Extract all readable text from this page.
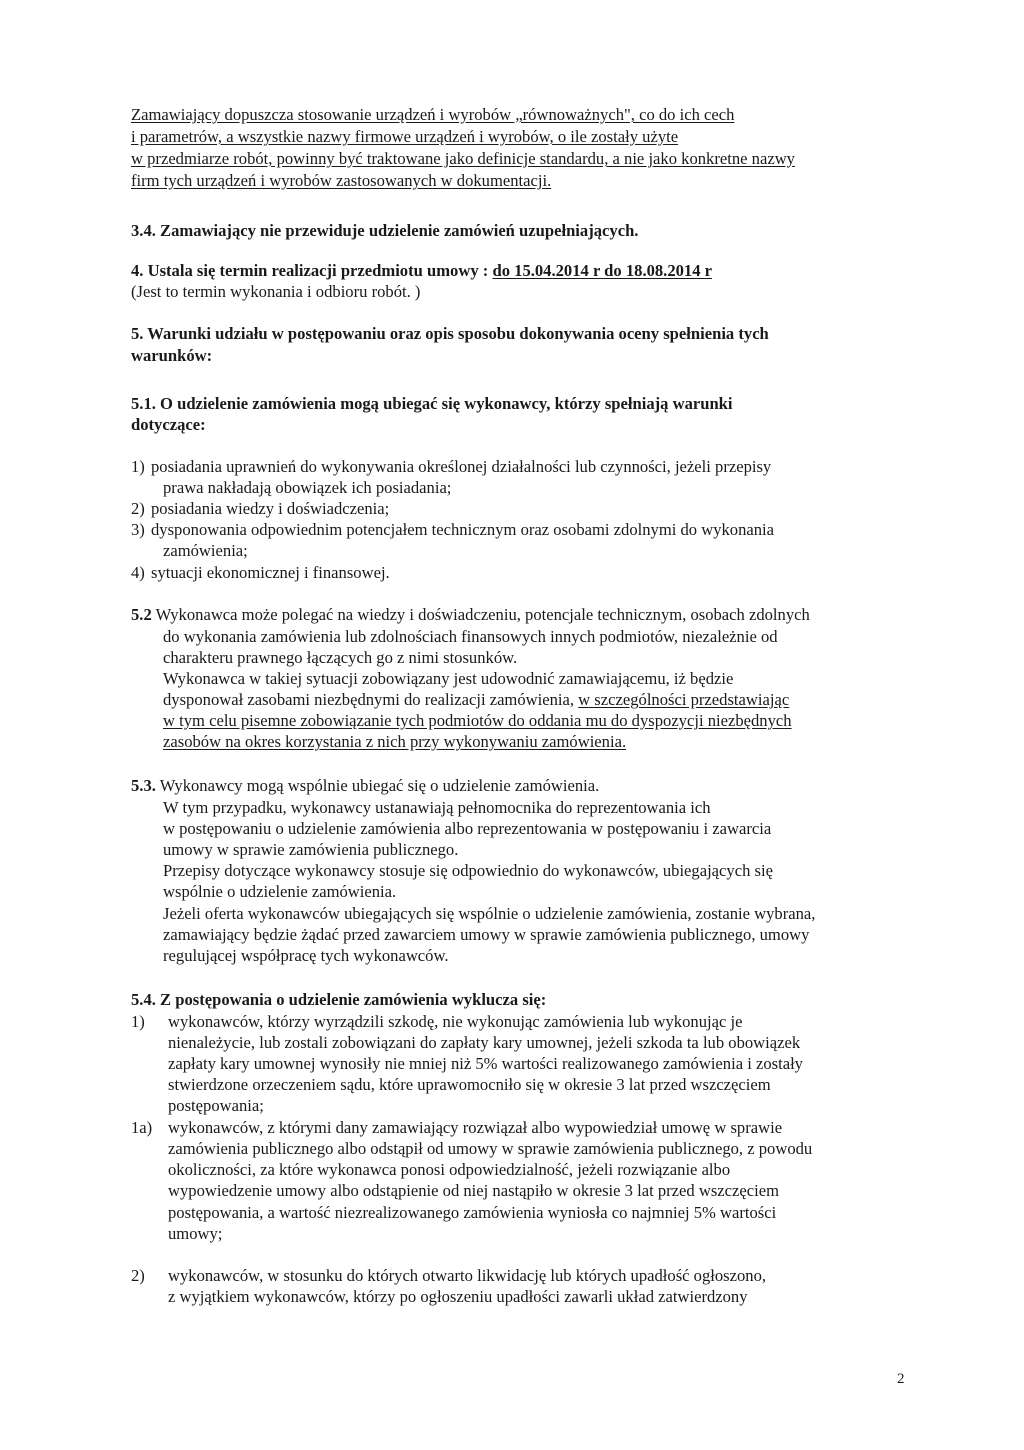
Zamawiający dopuszcza stosowanie urządzeń i wyrobów „równoważnych", co do ich cech

i parametrów, a wszystkie nazwy firmowe urządzeń i wyrobów, o ile zostały użyte

w przedmiarze robót, powinny być traktowane jako definicje standardu, a nie jako konkretne nazwy

firm tych urządzeń i wyrobów zastosowanych w dokumentacji.

3.4. Zamawiający nie przewiduje udzielenie zamówień uzupełniających.

4. Ustala się termin realizacji przedmiotu umowy : do 15.04.2014 r do 18.08.2014 r

(Jest to termin wykonania i odbioru robót. )

5. Warunki udziału w postępowaniu oraz opis sposobu dokonywania oceny spełnienia tych

warunków:

5.1. O udzielenie zamówienia mogą ubiegać się wykonawcy, którzy spełniają warunki

dotyczące:

1) posiadania uprawnień do wykonywania określonej działalności lub czynności, jeżeli przepisy

prawa nakładają obowiązek ich posiadania;

2) posiadania wiedzy i doświadczenia;

3) dysponowania odpowiednim potencjałem technicznym oraz osobami zdolnymi do wykonania

zamówienia;

4) sytuacji ekonomicznej i finansowej.

5.2 Wykonawca może polegać na wiedzy i doświadczeniu, potencjale technicznym, osobach zdolnych

do wykonania zamówienia lub zdolnościach finansowych innych podmiotów, niezależnie od

charakteru prawnego łączących go z nimi stosunków.

Wykonawca w takiej sytuacji zobowiązany jest udowodnić zamawiającemu, iż będzie

dysponował zasobami niezbędnymi do realizacji zamówienia, w szczególności przedstawiając

w tym celu pisemne zobowiązanie tych podmiotów do oddania mu do dyspozycji niezbędnych

zasobów na okres korzystania z nich przy wykonywaniu zamówienia.

5.3. Wykonawcy mogą wspólnie ubiegać się o udzielenie zamówienia.

W tym przypadku, wykonawcy ustanawiają pełnomocnika do reprezentowania ich

w postępowaniu o udzielenie zamówienia albo reprezentowania w postępowaniu i zawarcia

umowy w sprawie zamówienia publicznego.

Przepisy dotyczące wykonawcy stosuje się odpowiednio do wykonawców, ubiegających się

wspólnie o udzielenie zamówienia.

Jeżeli oferta wykonawców ubiegających się wspólnie o udzielenie zamówienia, zostanie wybrana,

zamawiający będzie żądać przed zawarciem umowy w sprawie zamówienia publicznego, umowy

regulującej współpracę tych wykonawców.

5.4. Z postępowania o udzielenie zamówienia wyklucza się:

1)	wykonawców, którzy wyrządzili szkodę, nie wykonując zamówienia lub wykonując je

nienależycie, lub zostali zobowiązani do zapłaty kary umownej, jeżeli szkoda ta lub obowiązek

zapłaty kary umownej wynosiły nie mniej niż 5% wartości realizowanego zamówienia i zostały

stwierdzone orzeczeniem sądu, które uprawomocniło się w okresie 3 lat przed wszczęciem

postępowania;

1a) wykonawców, z którymi dany zamawiający rozwiązał albo wypowiedział umowę w sprawie

zamówienia publicznego albo odstąpił od umowy w sprawie zamówienia publicznego, z powodu

okoliczności, za które wykonawca ponosi odpowiedzialność, jeżeli rozwiązanie albo

wypowiedzenie umowy albo odstąpienie od niej nastąpiło w okresie 3 lat przed wszczęciem

postępowania, a wartość niezrealizowanego zamówienia wyniosła co najmniej 5% wartości

umowy;

2)	wykonawców, w stosunku do których otwarto likwidację lub których upadłość ogłoszono,

z wyjątkiem wykonawców, którzy po ogłoszeniu upadłości zawarli układ zatwierdzony

2
